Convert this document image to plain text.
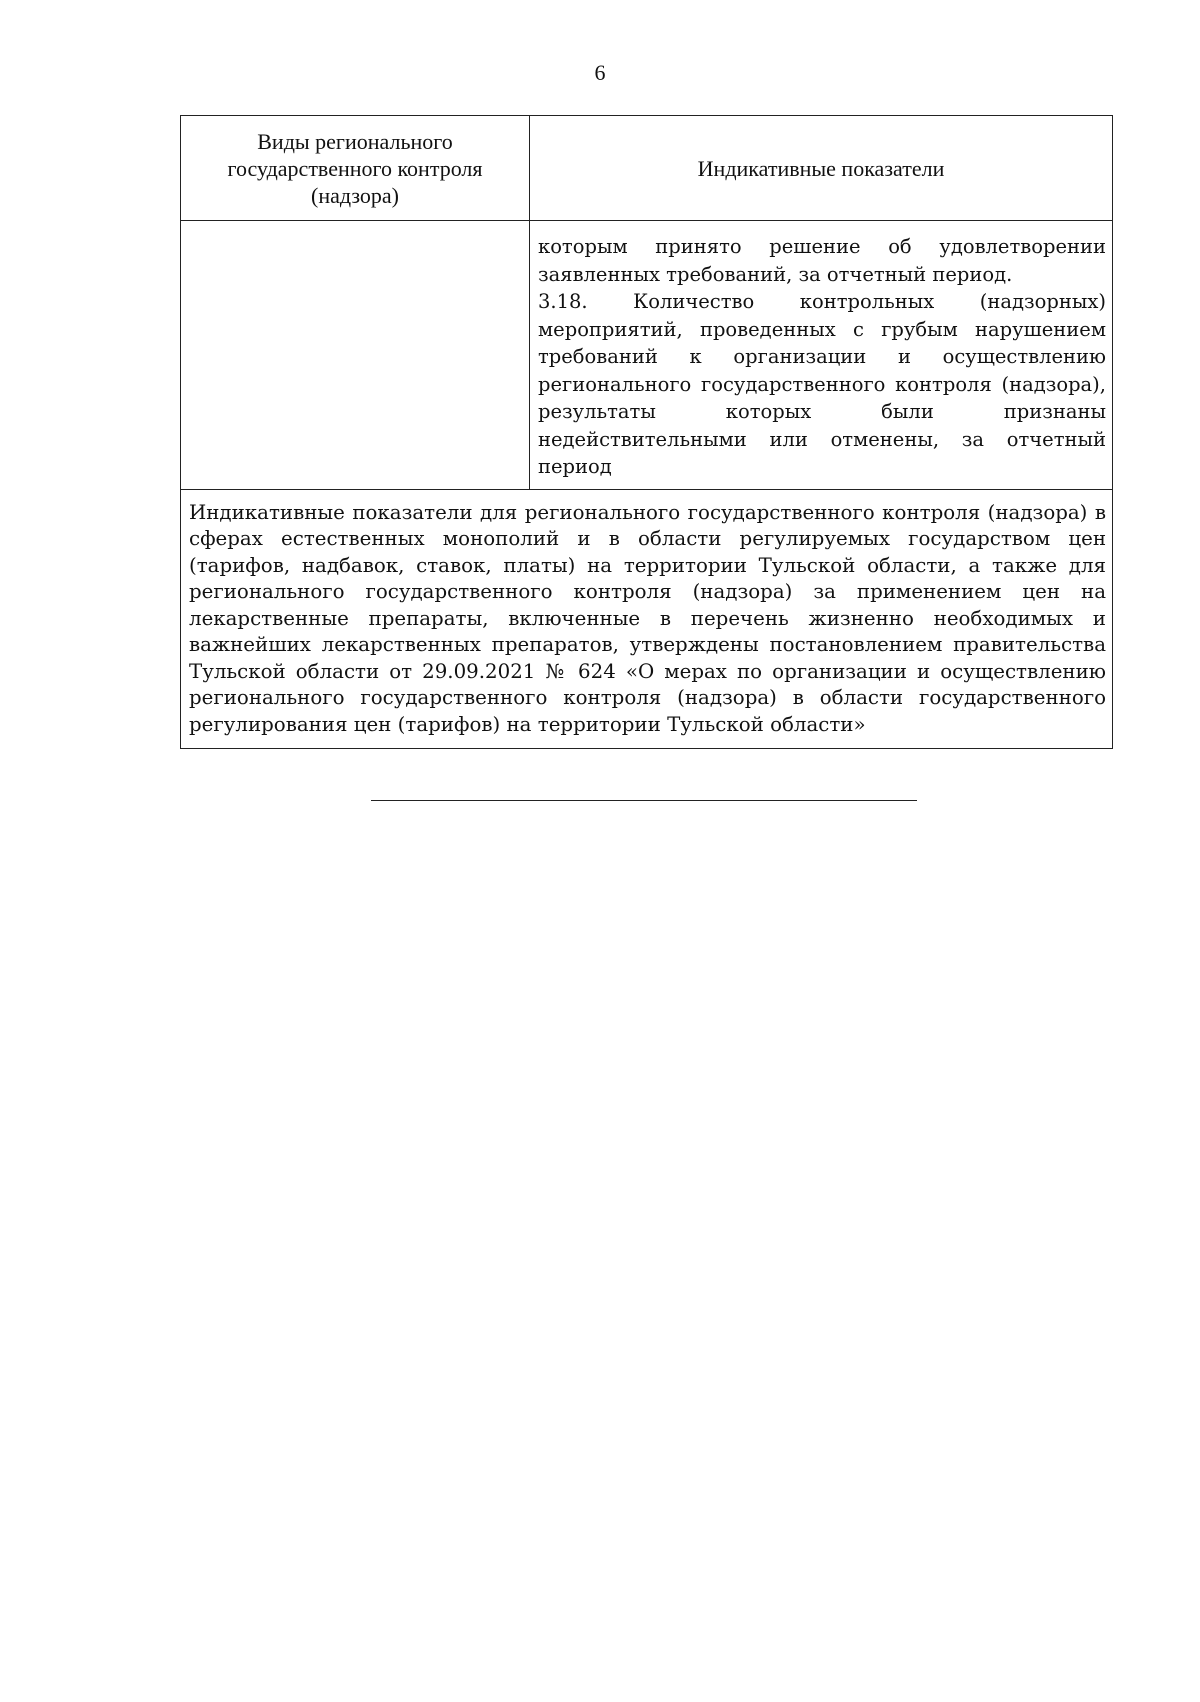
6
Виды регионального государственного контроля (надзора)	Индикативные показатели

	которым принято решение об удовлетворении заявленных требований, за отчетный период.
3.18. Количество контрольных (надзорных) мероприятий, проведенных с грубым нарушением требований к организации и осуществлению регионального государственного контроля (надзора), результаты которых были признаны недействительными или отменены, за отчетный период

Индикативные показатели для регионального государственного контроля (надзора) в сферах естественных монополий и в области регулируемых государством цен (тарифов, надбавок, ставок, платы) на территории Тульской области, а также для регионального государственного контроля (надзора) за применением цен на лекарственные препараты, включенные в перечень жизненно необходимых и важнейших лекарственных препаратов, утверждены постановлением правительства Тульской области от 29.09.2021 № 624 «О мерах по организации и осуществлению регионального государственного контроля (надзора) в области государственного регулирования цен (тарифов) на территории Тульской области»	
